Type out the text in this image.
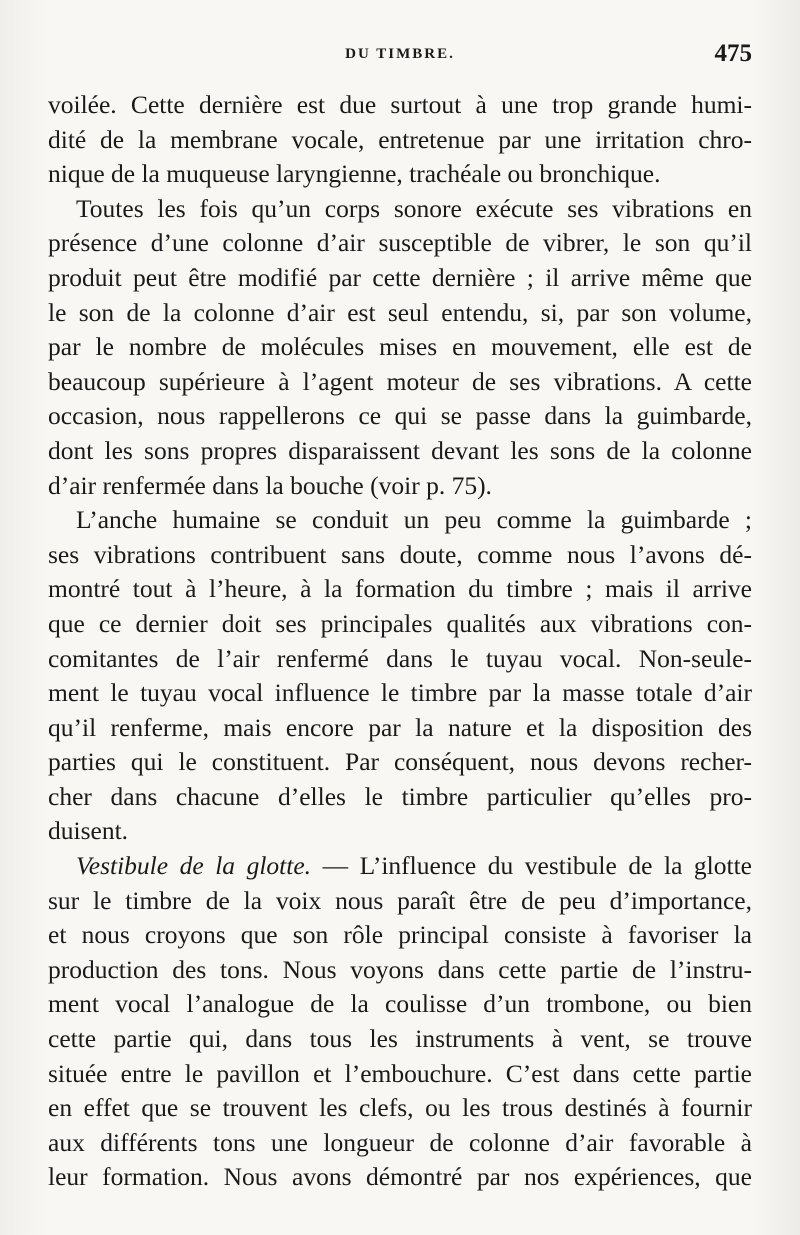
DU TIMBRE.	475
voilée. Cette dernière est due surtout à une trop grande humi-
dité de la membrane vocale, entretenue par une irritation chro-
nique de la muqueuse laryngienne, trachéale ou bronchique.
Toutes les fois qu’un corps sonore exécute ses vibrations en
présence d’une colonne d’air susceptible de vibrer, le son qu’il
produit peut être modifié par cette dernière ; il arrive même que
le son de la colonne d’air est seul entendu, si, par son volume,
par le nombre de molécules mises en mouvement, elle est de
beaucoup supérieure à l’agent moteur de ses vibrations. A cette
occasion, nous rappellerons ce qui se passe dans la guimbarde,
dont les sons propres disparaissent devant les sons de la colonne
d’air renfermée dans la bouche (voir p. 75).
L’anche humaine se conduit un peu comme la guimbarde ;
ses vibrations contribuent sans doute, comme nous l’avons dé-
montré tout à l’heure, à la formation du timbre ; mais il arrive
que ce dernier doit ses principales qualités aux vibrations con-
comitantes de l’air renfermé dans le tuyau vocal. Non-seule-
ment le tuyau vocal influence le timbre par la masse totale d’air
qu’il renferme, mais encore par la nature et la disposition des
parties qui le constituent. Par conséquent, nous devons recher-
cher dans chacune d’elles le timbre particulier qu’elles pro-
duisent.
Vestibule de la glotte. — L’influence du vestibule de la glotte
sur le timbre de la voix nous paraît être de peu d’importance,
et nous croyons que son rôle principal consiste à favoriser la
production des tons. Nous voyons dans cette partie de l’instru-
ment vocal l’analogue de la coulisse d’un trombone, ou bien
cette partie qui, dans tous les instruments à vent, se trouve
située entre le pavillon et l’embouchure. C’est dans cette partie
en effet que se trouvent les clefs, ou les trous destinés à fournir
aux différents tons une longueur de colonne d’air favorable à
leur formation. Nous avons démontré par nos expériences, que
